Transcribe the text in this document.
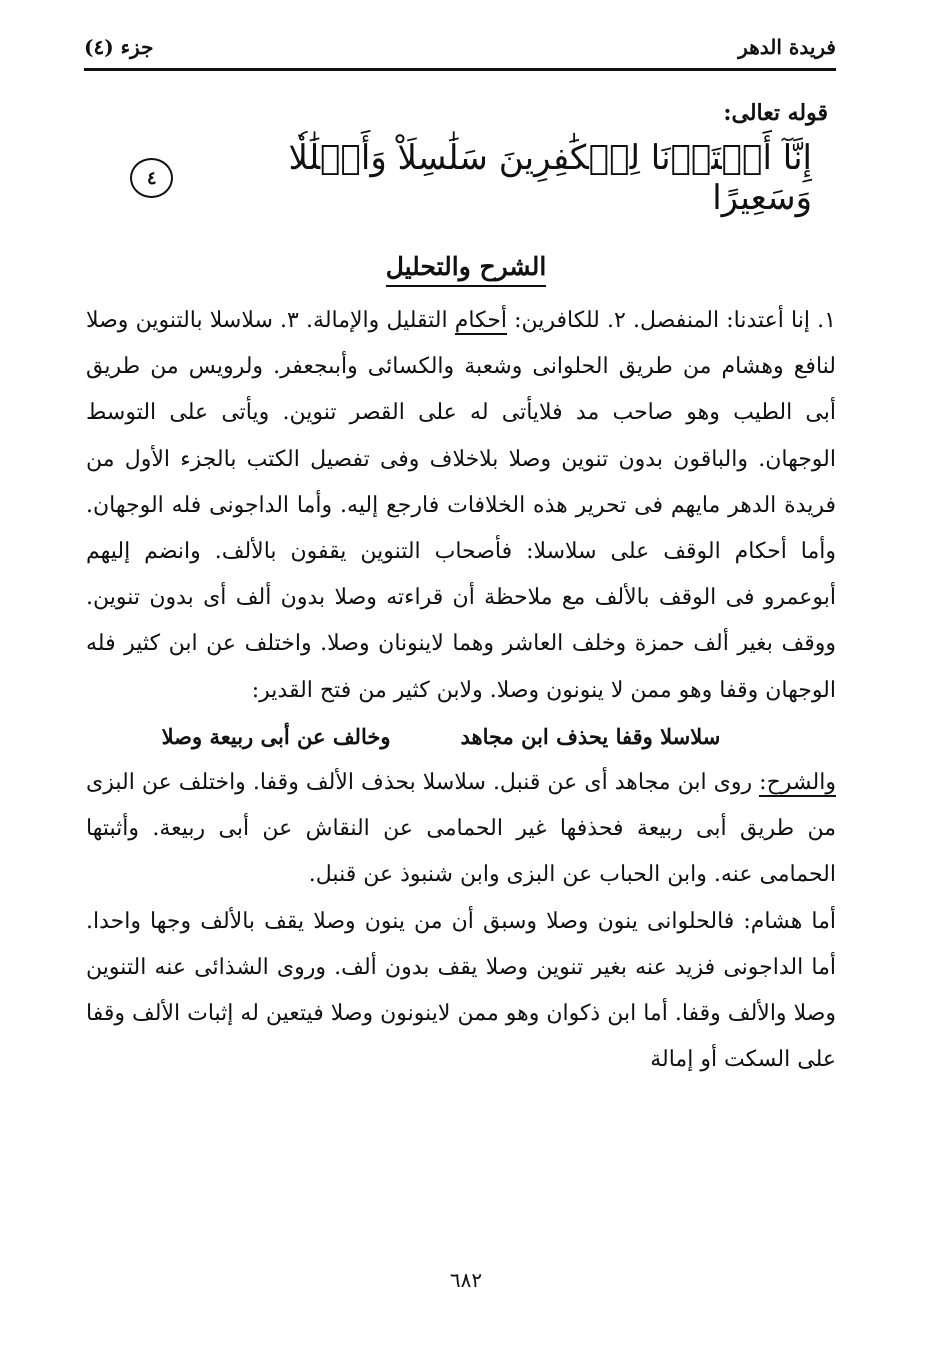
فريدة الدهر
جزء (٤)
قوله تعالى:
إِنَّآ أَعۡتَدۡنَا لِلۡكَٰفِرِينَ سَلَٰسِلَاْ وَأَغۡلَٰلٗا وَسَعِيرًا
٤
الشرح والتحليل

١. إنا أعتدنا: المنفصل. ٢. للكافرين: أحكام التقليل والإمالة. ٣. سلاسلا بالتنوين وصلا لنافع وهشام من طريق الحلوانى وشعبة والكسائى وأبىجعفر. ولرويس من طريق أبى الطيب وهو صاحب مد فلايأتى له على القصر تنوين. ويأتى على التوسط الوجهان. والباقون بدون تنوين وصلا بلاخلاف وفى تفصيل الكتب بالجزء الأول من فريدة الدهر مايهم فى تحرير هذه الخلافات فارجع إليه. وأما الداجونى فله الوجهان. وأما أحكام الوقف على سلاسلا: فأصحاب التنوين يقفون بالألف. وانضم إليهم أبوعمرو فى الوقف بالألف مع ملاحظة أن قراءته وصلا بدون ألف أى بدون تنوين. ووقف بغير ألف حمزة وخلف العاشر وهما لاينونان وصلا. واختلف عن ابن كثير فله الوجهان وقفا وهو ممن لا ينونون وصلا. ولابن كثير من فتح القدير:

سلاسلا وقفا يحذف ابن مجاهد
وخالف عن أبى ربيعة وصلا

والشرح: روى ابن مجاهد أى عن قنبل. سلاسلا بحذف الألف وقفا. واختلف عن البزى من طريق أبى ربيعة فحذفها غير الحمامى عن النقاش عن أبى ربيعة. وأثبتها الحمامى عنه. وابن الحباب عن البزى وابن شنبوذ عن قنبل.

أما هشام: فالحلوانى ينون وصلا وسبق أن من ينون وصلا يقف بالألف وجها واحدا. أما الداجونى فزيد عنه بغير تنوين وصلا يقف بدون ألف. وروى الشذائى عنه التنوين وصلا والألف وقفا. أما ابن ذكوان وهو ممن لاينونون وصلا فيتعين له إثبات الألف وقفا على السكت أو إمالة

٦٨٢
